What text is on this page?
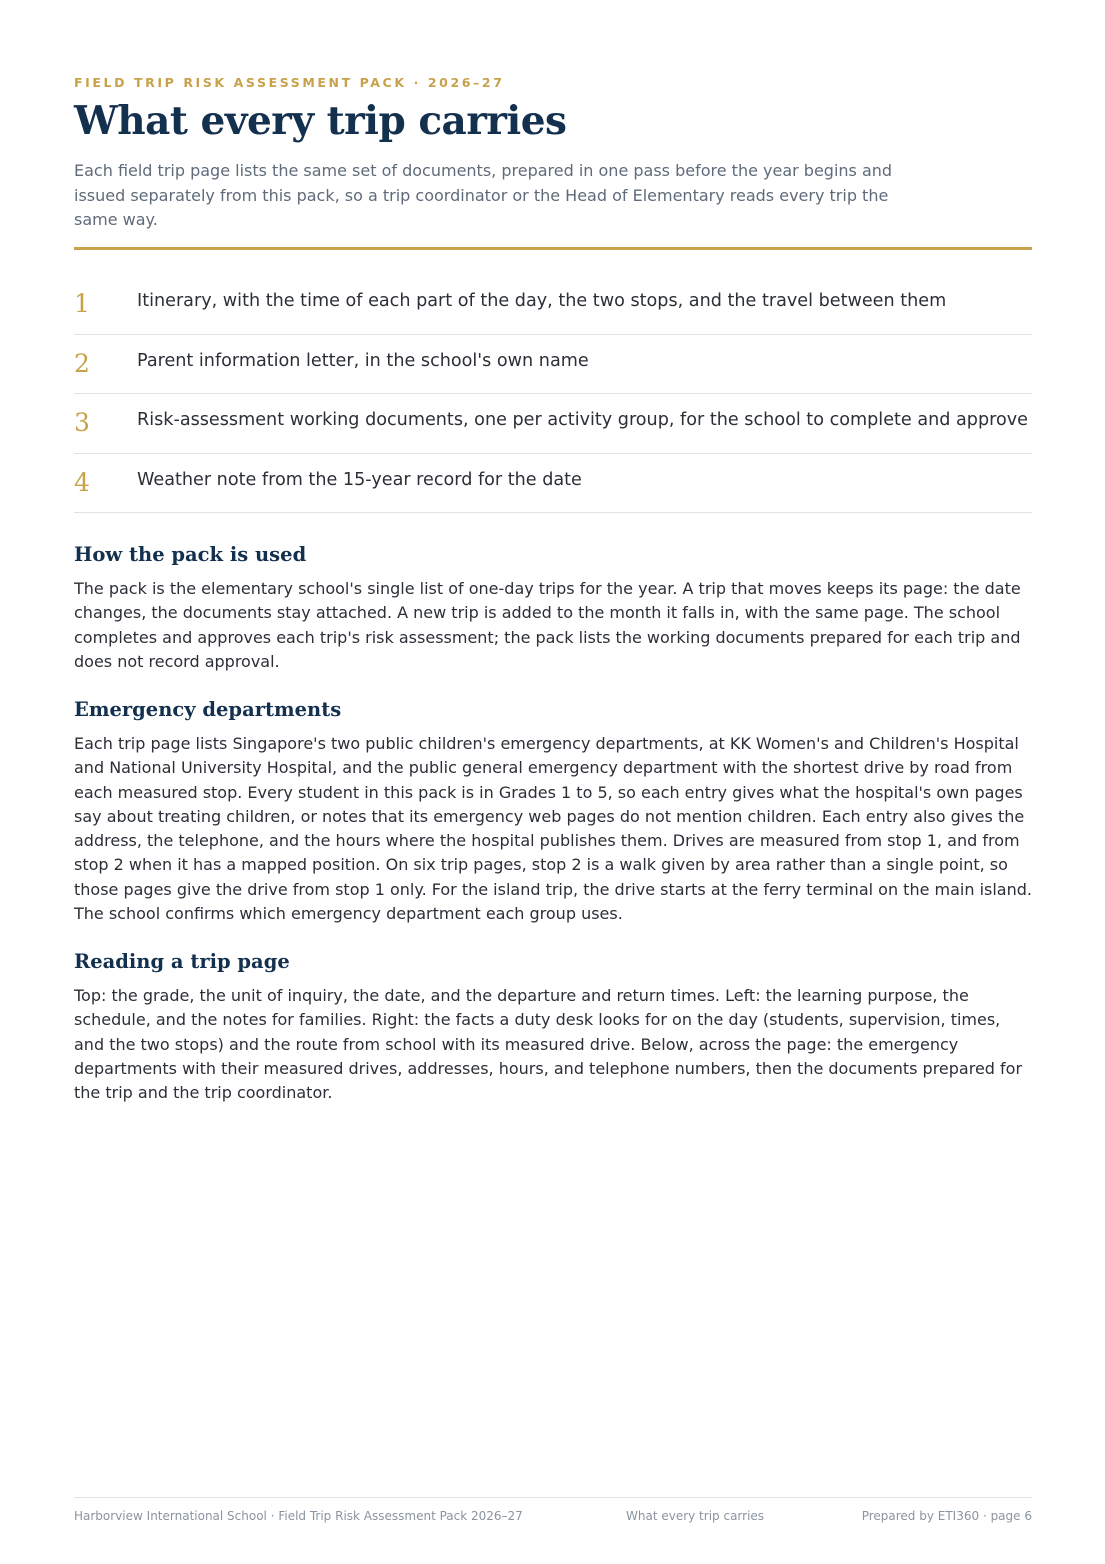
FIELD TRIP RISK ASSESSMENT PACK · 2026–27
What every trip carries

Each field trip page lists the same set of documents, prepared in one pass before the year begins and issued separately from this pack, so a trip coordinator or the Head of Elementary reads every trip the same way.

1	Itinerary, with the time of each part of the day, the two stops, and the travel between them
2	Parent information letter, in the school's own name
3	Risk-assessment working documents, one per activity group, for the school to complete and approve
4	Weather note from the 15-year record for the date
How the pack is used

The pack is the elementary school's single list of one-day trips for the year. A trip that moves keeps its page: the date changes, the documents stay attached. A new trip is added to the month it falls in, with the same page. The school completes and approves each trip's risk assessment; the pack lists the working documents prepared for each trip and does not record approval.

Emergency departments

Each trip page lists Singapore's two public children's emergency departments, at KK Women's and Children's Hospital and National University Hospital, and the public general emergency department with the shortest drive by road from each measured stop. Every student in this pack is in Grades 1 to 5, so each entry gives what the hospital's own pages say about treating children, or notes that its emergency web pages do not mention children. Each entry also gives the address, the telephone, and the hours where the hospital publishes them. Drives are measured from stop 1, and from stop 2 when it has a mapped position. On six trip pages, stop 2 is a walk given by area rather than a single point, so those pages give the drive from stop 1 only. For the island trip, the drive starts at the ferry terminal on the main island. The school confirms which emergency department each group uses.

Reading a trip page

Top: the grade, the unit of inquiry, the date, and the departure and return times. Left: the learning purpose, the schedule, and the notes for families. Right: the facts a duty desk looks for on the day (students, supervision, times, and the two stops) and the route from school with its measured drive. Below, across the page: the emergency departments with their measured drives, addresses, hours, and telephone numbers, then the documents prepared for the trip and the trip coordinator.

Harborview International School · Field Trip Risk Assessment Pack 2026–27	What every trip carries	Prepared by ETI360 · page 6
